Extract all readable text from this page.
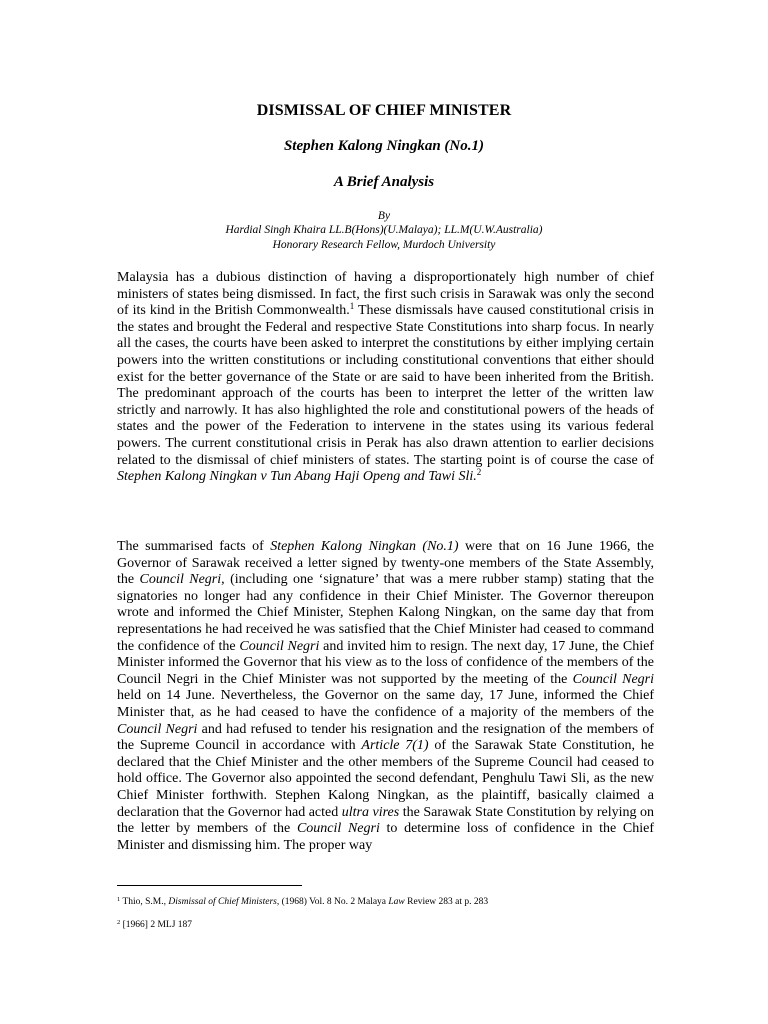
DISMISSAL OF CHIEF MINISTER
Stephen Kalong Ningkan (No.1)
A Brief Analysis
By
Hardial Singh Khaira LL.B(Hons)(U.Malaya); LL.M(U.W.Australia)
Honorary Research Fellow, Murdoch University

Malaysia has a dubious distinction of having a disproportionately high number of chief ministers of states being dismissed. In fact, the first such crisis in Sarawak was only the second of its kind in the British Commonwealth.$^1$ These dismissals have caused constitutional crisis in the states and brought the Federal and respective State Constitutions into sharp focus. In nearly all the cases, the courts have been asked to interpret the constitutions by either implying certain powers into the written constitutions or including constitutional conventions that either should exist for the better governance of the State or are said to have been inherited from the British. The predominant approach of the courts has been to interpret the letter of the written law strictly and narrowly. It has also highlighted the role and constitutional powers of the heads of states and the power of the Federation to intervene in the states using its various federal powers. The current constitutional crisis in Perak has also drawn attention to earlier decisions related to the dismissal of chief ministers of states. The starting point is of course the case of Stephen Kalong Ningkan v Tun Abang Haji Openg and Tawi Sli.$^2$

The summarised facts of Stephen Kalong Ningkan (No.1) were that on 16 June 1966, the Governor of Sarawak received a letter signed by twenty-one members of the State Assembly, the Council Negri, (including one ‘signature’ that was a mere rubber stamp) stating that the signatories no longer had any confidence in their Chief Minister. The Governor thereupon wrote and informed the Chief Minister, Stephen Kalong Ningkan, on the same day that from representations he had received he was satisfied that the Chief Minister had ceased to command the confidence of the Council Negri and invited him to resign. The next day, 17 June, the Chief Minister informed the Governor that his view as to the loss of confidence of the members of the Council Negri in the Chief Minister was not supported by the meeting of the Council Negri held on 14 June. Nevertheless, the Governor on the same day, 17 June, informed the Chief Minister that, as he had ceased to have the confidence of a majority of the members of the Council Negri and had refused to tender his resignation and the resignation of the members of the Supreme Council in accordance with Article 7(1) of the Sarawak State Constitution, he declared that the Chief Minister and the other members of the Supreme Council had ceased to hold office. The Governor also appointed the second defendant, Penghulu Tawi Sli, as the new Chief Minister forthwith. Stephen Kalong Ningkan, as the plaintiff, basically claimed a declaration that the Governor had acted ultra vires the Sarawak State Constitution by relying on the letter by members of the Council Negri to determine loss of confidence in the Chief Minister and dismissing him. The proper way

$^1$ Thio, S.M., Dismissal of Chief Ministers, (1968) Vol. 8 No. 2 Malaya Law Review 283 at p. 283
$^2$ [1966] 2 MLJ 187
